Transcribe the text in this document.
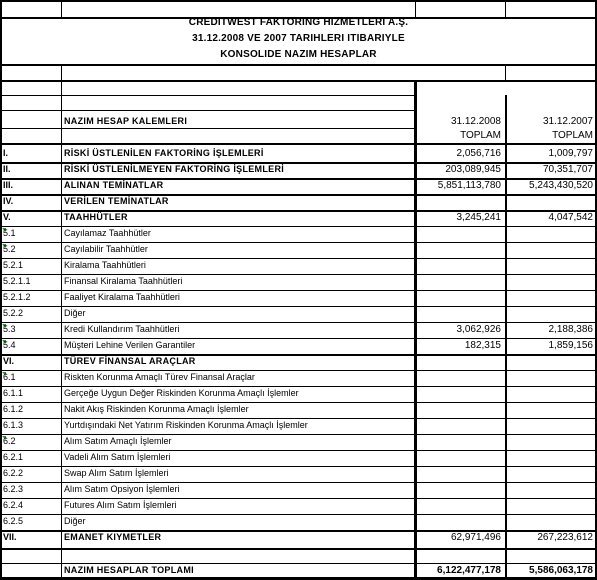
CREDITWEST FAKTORING HIZMETLERI A.Ş.
31.12.2008 VE 2007 TARIHLERI ITIBARIYLE
KONSOLIDE NAZIM HESAPLAR
NAZIM HESAP KALEMLERI	31.12.2008	31.12.2007
TOPLAM	TOPLAM
I.	RİSKİ ÜSTLENİLEN FAKTORİNG İŞLEMLERİ	2,056,716	1,009,797
II.	RİSKİ ÜSTLENİLMEYEN FAKTORİNG İŞLEMLERİ	203,089,945	70,351,707
III.	ALINAN TEMİNATLAR	5,851,113,780	5,243,430,520
IV.	VERİLEN TEMİNATLAR
V.	TAAHHÜTLER	3,245,241	4,047,542
5.1	Cayılamaz Taahhütler
5.2	Cayılabilir Taahhütler
5.2.1	Kiralama Taahhütleri
5.2.1.1	Finansal Kiralama Taahhütleri
5.2.1.2	Faaliyet Kiralama Taahhütleri
5.2.2	Diğer
5.3	Kredi Kullandırım Taahhütleri	3,062,926	2,188,386
5.4	Müşteri Lehine Verilen Garantiler	182,315	1,859,156
VI.	TÜREV FİNANSAL ARAÇLAR
6.1	Riskten Korunma Amaçlı Türev Finansal Araçlar
6.1.1	Gerçeğe Uygun Değer Riskinden Korunma Amaçlı İşlemler
6.1.2	Nakit Akış Riskinden Korunma Amaçlı İşlemler
6.1.3	Yurtdışındaki Net Yatırım Riskinden Korunma Amaçlı İşlemler
6.2	Alım Satım Amaçlı İşlemler
6.2.1	Vadeli Alım Satım İşlemleri
6.2.2	Swap Alım Satım İşlemleri
6.2.3	Alım Satım Opsiyon İşlemleri
6.2.4	Futures Alım Satım İşlemleri
6.2.5	Diğer
VII.	EMANET KIYMETLER	62,971,496	267,223,612
NAZIM HESAPLAR TOPLAMI	6,122,477,178	5,586,063,178
